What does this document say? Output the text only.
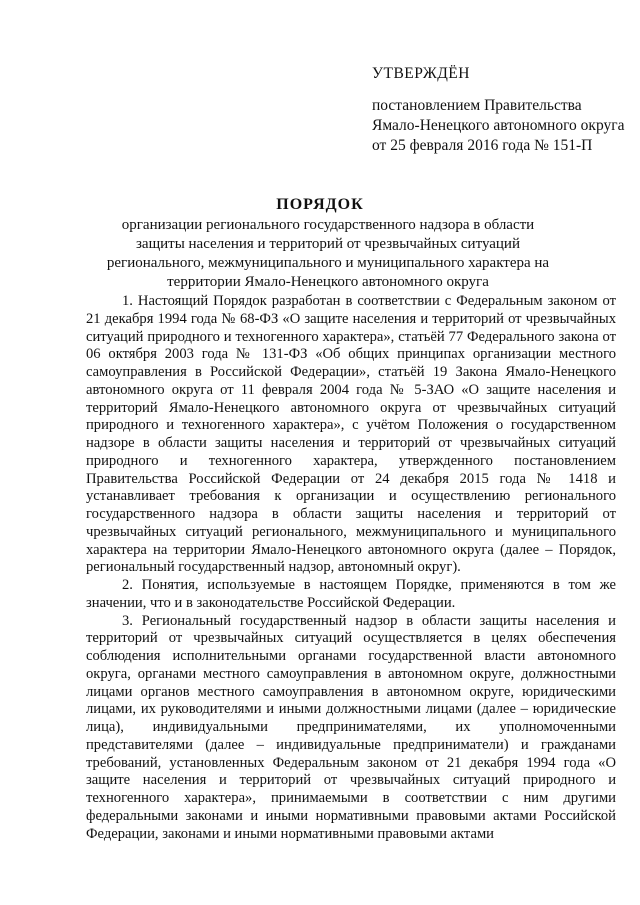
УТВЕРЖДЁН
постановлением Правительства
Ямало-Ненецкого автономного округа
от 25 февраля 2016 года № 151-П
ПОРЯДОК
организации регионального государственного надзора в области защиты населения и территорий от чрезвычайных ситуаций регионального, межмуниципального и муниципального характера на территории Ямало-Ненецкого автономного округа

1. Настоящий Порядок разработан в соответствии с Федеральным законом от 21 декабря 1994 года № 68-ФЗ «О защите населения и территорий от чрезвычайных ситуаций природного и техногенного характера», статьёй 77 Федерального закона от 06 октября 2003 года № 131-ФЗ «Об общих принципах организации местного самоуправления в Российской Федерации», статьёй 19 Закона Ямало-Ненецкого автономного округа от 11 февраля 2004 года № 5-ЗАО «О защите населения и территорий Ямало-Ненецкого автономного округа от чрезвычайных ситуаций природного и техногенного характера», с учётом Положения о государственном надзоре в области защиты населения и территорий от чрезвычайных ситуаций природного и техногенного характера, утвержденного постановлением Правительства Российской Федерации от 24 декабря 2015 года № 1418 и устанавливает требования к организации и осуществлению регионального государственного надзора в области защиты населения и территорий от чрезвычайных ситуаций регионального, межмуниципального и муниципального характера на территории Ямало-Ненецкого автономного округа (далее – Порядок, региональный государственный надзор, автономный округ).

2. Понятия, используемые в настоящем Порядке, применяются в том же значении, что и в законодательстве Российской Федерации.

3. Региональный государственный надзор в области защиты населения и территорий от чрезвычайных ситуаций осуществляется в целях обеспечения соблюдения исполнительными органами государственной власти автономного округа, органами местного самоуправления в автономном округе, должностными лицами органов местного самоуправления в автономном округе, юридическими лицами, их руководителями и иными должностными лицами (далее – юридические лица), индивидуальными предпринимателями, их уполномоченными представителями (далее – индивидуальные предприниматели) и гражданами требований, установленных Федеральным законом от 21 декабря 1994 года «О защите населения и территорий от чрезвычайных ситуаций природного и техногенного характера», принимаемыми в соответствии с ним другими федеральными законами и иными нормативными правовыми актами Российской Федерации, законами и иными нормативными правовыми актами
